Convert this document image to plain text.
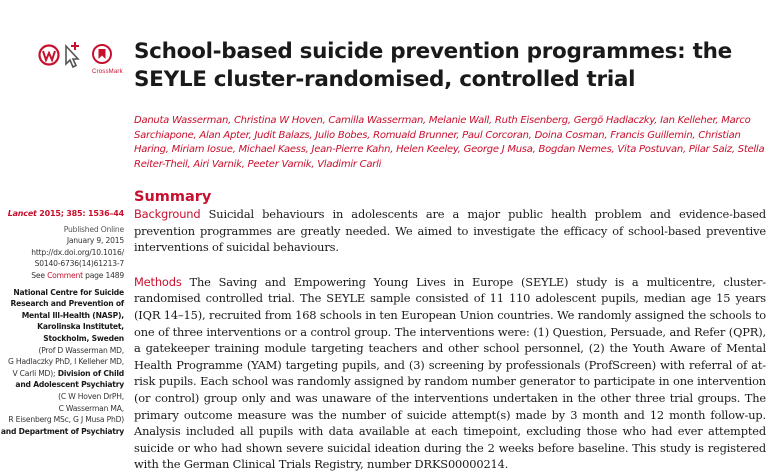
CrossMark
School-based suicide prevention programmes: the SEYLE cluster-randomised, controlled trial

Danuta Wasserman, Christina W Hoven, Camilla Wasserman, Melanie Wall, Ruth Eisenberg, Gergö Hadlaczky, Ian Kelleher, Marco Sarchiapone, Alan Apter, Judit Balazs, Julio Bobes, Romuald Brunner, Paul Corcoran, Doina Cosman, Francis Guillemin, Christian Haring, Miriam Iosue, Michael Kaess, Jean-Pierre Kahn, Helen Keeley, George J Musa, Bogdan Nemes, Vita Postuvan, Pilar Saiz, Stella Reiter-Theil, Airi Varnik, Peeter Varnik, Vladimir Carli

Lancet 2015; 385: 1536–44
Published Online
January 9, 2015
http://dx.doi.org/10.1016/
S0140-6736(14)61213-7
See Comment page 1489
National Centre for Suicide
Research and Prevention of
Mental Ill-Health (NASP),
Karolinska Institutet,
Stockholm, Sweden
(Prof D Wasserman MD,
G Hadlaczky PhD, I Kelleher MD,
V Carli MD); Division of Child
and Adolescent Psychiatry
(C W Hoven DrPH,
C Wasserman MA,
R Eisenberg MSc, G J Musa PhD)
and Department of Psychiatry
Summary

Background Suicidal behaviours in adolescents are a major public health problem and evidence-based prevention programmes are greatly needed. We aimed to investigate the efficacy of school-based preventive interventions of suicidal behaviours.

Methods The Saving and Empowering Young Lives in Europe (SEYLE) study is a multicentre, cluster-randomised controlled trial. The SEYLE sample consisted of 11 110 adolescent pupils, median age 15 years (IQR 14–15), recruited from 168 schools in ten European Union countries. We randomly assigned the schools to one of three interventions or a control group. The interventions were: (1) Question, Persuade, and Refer (QPR), a gatekeeper training module targeting teachers and other school personnel, (2) the Youth Aware of Mental Health Programme (YAM) targeting pupils, and (3) screening by professionals (ProfScreen) with referral of at-risk pupils. Each school was randomly assigned by random number generator to participate in one intervention (or control) group only and was unaware of the interventions undertaken in the other three trial groups. The primary outcome measure was the number of suicide attempt(s) made by 3 month and 12 month follow-up. Analysis included all pupils with data available at each timepoint, excluding those who had ever attempted suicide or who had shown severe suicidal ideation during the 2 weeks before baseline. This study is registered with the German Clinical Trials Registry, number DRKS00000214.
